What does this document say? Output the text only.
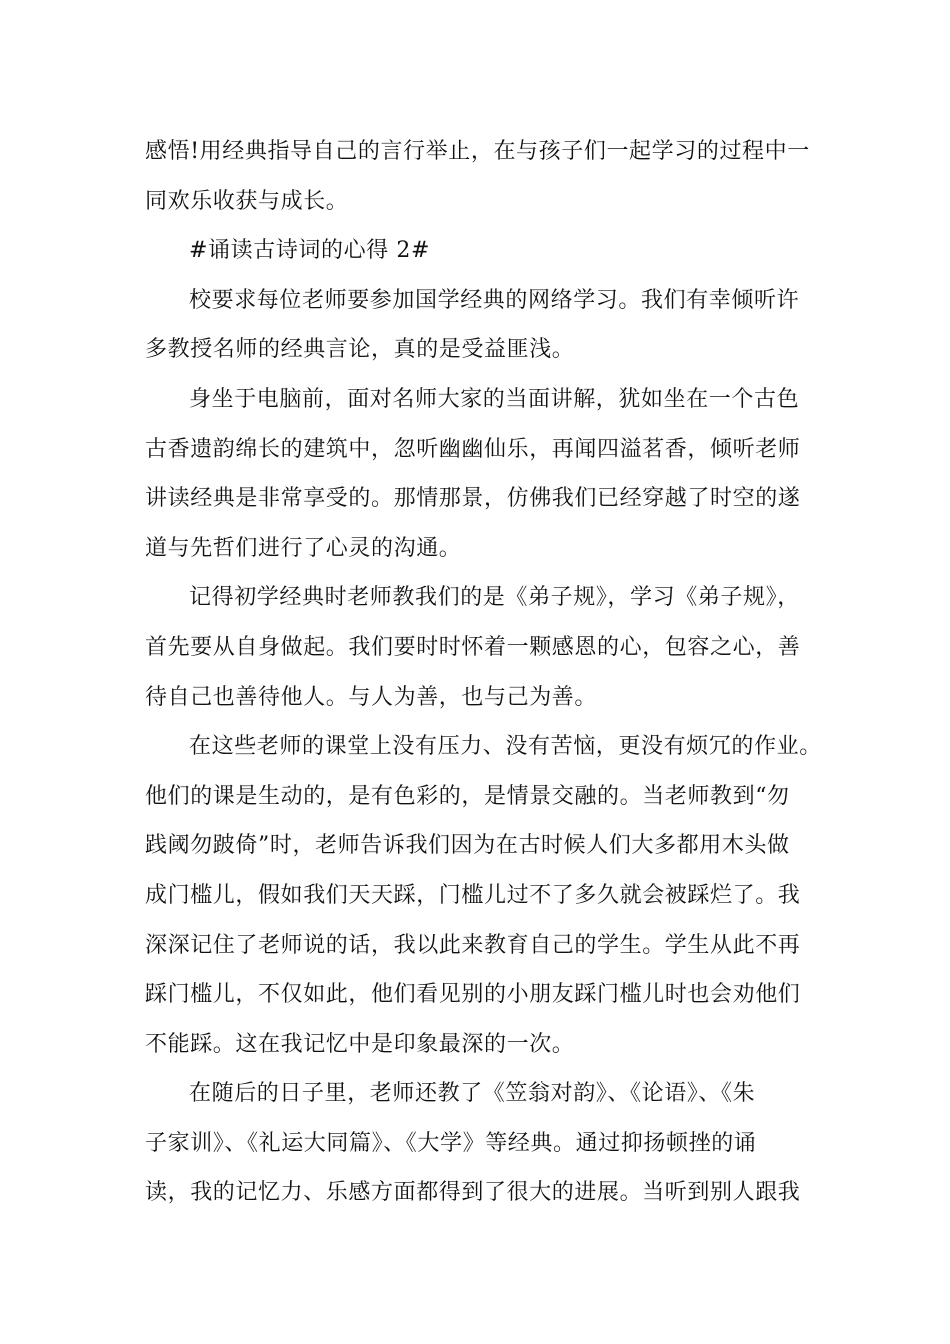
感悟!用经典指导自己的言行举止，在与孩子们一起学习的过程中一
同欢乐收获与成长。
#诵读古诗词的心得 2#
校要求每位老师要参加国学经典的网络学习。我们有幸倾听许
多教授名师的经典言论，真的是受益匪浅。
身坐于电脑前，面对名师大家的当面讲解，犹如坐在一个古色
古香遗韵绵长的建筑中，忽听幽幽仙乐，再闻四溢茗香，倾听老师
讲读经典是非常享受的。那情那景，仿佛我们已经穿越了时空的遂
道与先哲们进行了心灵的沟通。
记得初学经典时老师教我们的是《弟子规》，学习《弟子规》，
首先要从自身做起。我们要时时怀着一颗感恩的心，包容之心，善
待自己也善待他人。与人为善，也与己为善。
在这些老师的课堂上没有压力、没有苦恼，更没有烦冗的作业。
他们的课是生动的，是有色彩的，是情景交融的。当老师教到“勿
践阈勿跛倚”时，老师告诉我们因为在古时候人们大多都用木头做
成门槛儿，假如我们天天踩，门槛儿过不了多久就会被踩烂了。我
深深记住了老师说的话，我以此来教育自己的学生。学生从此不再
踩门槛儿，不仅如此，他们看见别的小朋友踩门槛儿时也会劝他们
不能踩。这在我记忆中是印象最深的一次。
在随后的日子里，老师还教了《笠翁对韵》、《论语》、《朱
子家训》、《礼运大同篇》、《大学》等经典。通过抑扬顿挫的诵
读，我的记忆力、乐感方面都得到了很大的进展。当听到别人跟我
